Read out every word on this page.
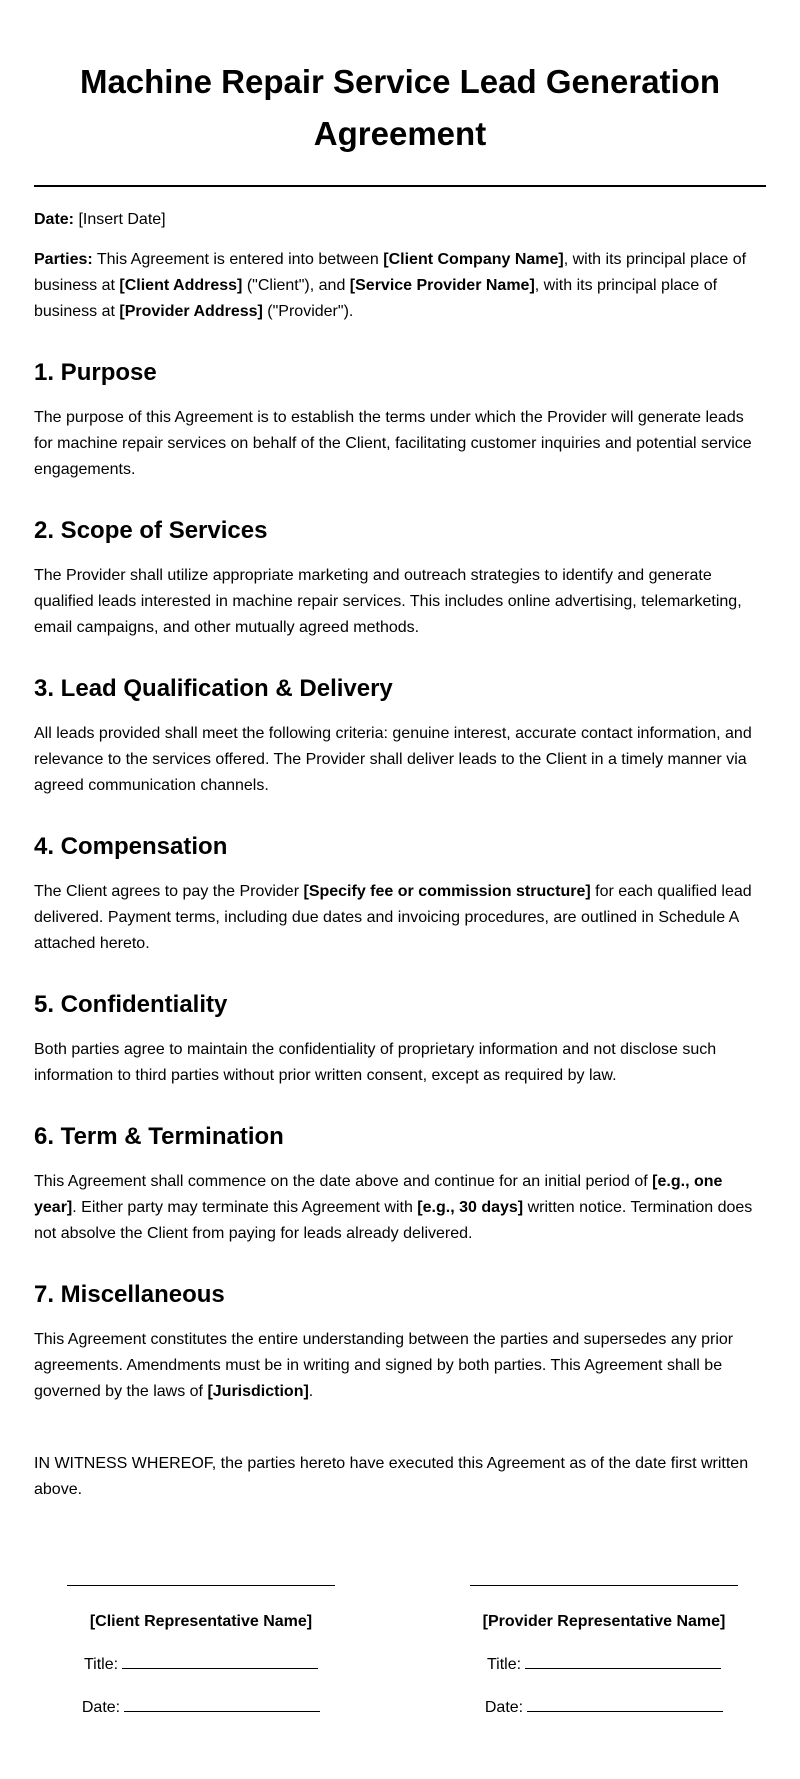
Machine Repair Service Lead Generation Agreement

Date: [Insert Date]

Parties: This Agreement is entered into between [Client Company Name], with its principal place of business at [Client Address] ("Client"), and [Service Provider Name], with its principal place of business at [Provider Address] ("Provider").

1. Purpose

The purpose of this Agreement is to establish the terms under which the Provider will generate leads for machine repair services on behalf of the Client, facilitating customer inquiries and potential service engagements.

2. Scope of Services

The Provider shall utilize appropriate marketing and outreach strategies to identify and generate qualified leads interested in machine repair services. This includes online advertising, telemarketing, email campaigns, and other mutually agreed methods.

3. Lead Qualification & Delivery

All leads provided shall meet the following criteria: genuine interest, accurate contact information, and relevance to the services offered. The Provider shall deliver leads to the Client in a timely manner via agreed communication channels.

4. Compensation

The Client agrees to pay the Provider [Specify fee or commission structure] for each qualified lead delivered. Payment terms, including due dates and invoicing procedures, are outlined in Schedule A attached hereto.

5. Confidentiality

Both parties agree to maintain the confidentiality of proprietary information and not disclose such information to third parties without prior written consent, except as required by law.

6. Term & Termination

This Agreement shall commence on the date above and continue for an initial period of [e.g., one year]. Either party may terminate this Agreement with [e.g., 30 days] written notice. Termination does not absolve the Client from paying for leads already delivered.

7. Miscellaneous

This Agreement constitutes the entire understanding between the parties and supersedes any prior agreements. Amendments must be in writing and signed by both parties. This Agreement shall be governed by the laws of [Jurisdiction].

IN WITNESS WHEREOF, the parties hereto have executed this Agreement as of the date first written above.

[Client Representative Name]
Title:
Date:
[Provider Representative Name]
Title:
Date:
